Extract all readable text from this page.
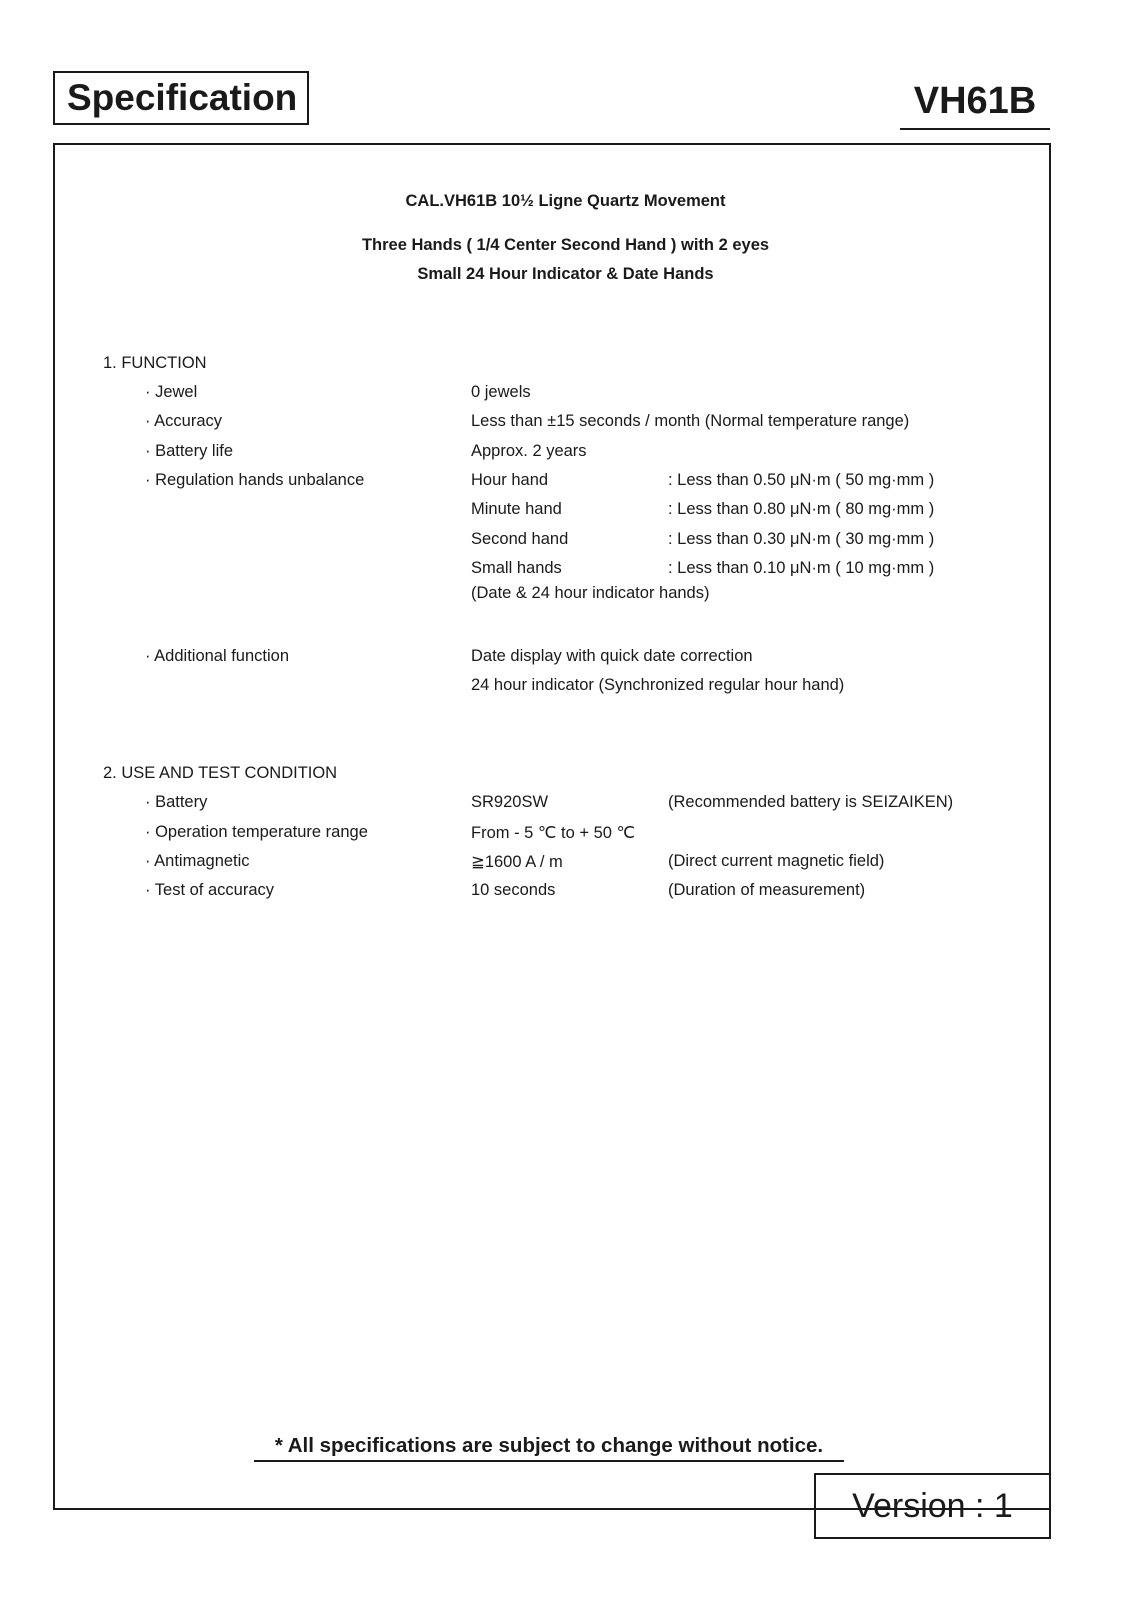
Specification	VH61B
CAL.VH61B 10½ Ligne Quartz Movement
Three Hands ( 1/4 Center Second Hand ) with 2 eyes
Small 24 Hour Indicator & Date Hands
1. FUNCTION
· Jewel	0 jewels
· Accuracy	Less than ±15 seconds / month (Normal temperature range)
· Battery life	Approx. 2 years
· Regulation hands unbalance	Hour hand	: Less than 0.50 μN·m ( 50 mg·mm )
Minute hand	: Less than 0.80 μN·m ( 80 mg·mm )
Second hand	: Less than 0.30 μN·m ( 30 mg·mm )
Small hands	: Less than 0.10 μN·m ( 10 mg·mm )
(Date & 24 hour indicator hands)
· Additional function	Date display with quick date correction
24 hour indicator (Synchronized regular hour hand)
2. USE AND TEST CONDITION
· Battery	SR920SW	(Recommended battery is SEIZAIKEN)
· Operation temperature range	From - 5 ℃ to + 50 ℃
· Antimagnetic	≧1600 A / m	(Direct current magnetic field)
· Test of accuracy	10 seconds	(Duration of measurement)
* All specifications are subject to change without notice.
Version : 1
